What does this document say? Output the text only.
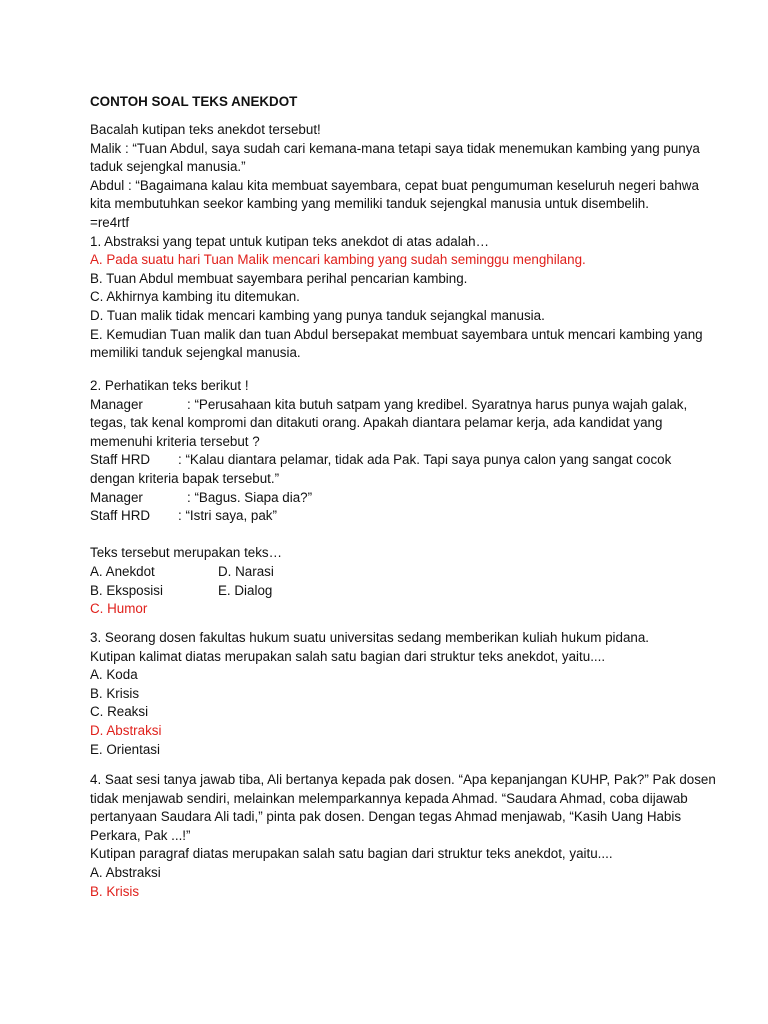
CONTOH SOAL TEKS ANEKDOT
Bacalah kutipan teks anekdot tersebut!
Malik : “Tuan Abdul, saya sudah cari kemana-mana tetapi saya tidak menemukan kambing yang punya
taduk sejengkal manusia.”
Abdul : “Bagaimana kalau kita membuat sayembara, cepat buat pengumuman keseluruh negeri bahwa
kita membutuhkan seekor kambing yang memiliki tanduk sejengkal manusia untuk disembelih.
=re4rtf
1. Abstraksi yang tepat untuk kutipan teks anekdot di atas adalah…
A. Pada suatu hari Tuan Malik mencari kambing yang sudah seminggu menghilang.
B. Tuan Abdul membuat sayembara perihal pencarian kambing.
C. Akhirnya kambing itu ditemukan.
D. Tuan malik tidak mencari kambing yang punya tanduk sejangkal manusia.
E. Kemudian Tuan malik dan tuan Abdul bersepakat membuat sayembara untuk mencari kambing yang
memiliki tanduk sejengkal manusia.
2. Perhatikan teks berikut !
Manager	: “Perusahaan kita butuh satpam yang kredibel. Syaratnya harus punya wajah galak,
tegas, tak kenal kompromi dan ditakuti orang. Apakah diantara pelamar kerja, ada kandidat yang
memenuhi kriteria tersebut ?
Staff HRD : “Kalau diantara pelamar, tidak ada Pak. Tapi saya punya calon yang sangat cocok
dengan kriteria bapak tersebut.”
Manager	: “Bagus. Siapa dia?”
Staff HRD : “Istri saya, pak”
Teks tersebut merupakan teks…
A. Anekdot	D. Narasi
B. Eksposisi	E. Dialog
C. Humor
3. Seorang dosen fakultas hukum suatu universitas sedang memberikan kuliah hukum pidana.
Kutipan kalimat diatas merupakan salah satu bagian dari struktur teks anekdot, yaitu....
A. Koda
B. Krisis
C. Reaksi
D. Abstraksi
E. Orientasi
4. Saat sesi tanya jawab tiba, Ali bertanya kepada pak dosen. “Apa kepanjangan KUHP, Pak?” Pak dosen
tidak menjawab sendiri, melainkan melemparkannya kepada Ahmad. “Saudara Ahmad, coba dijawab
pertanyaan Saudara Ali tadi,” pinta pak dosen. Dengan tegas Ahmad menjawab, “Kasih Uang Habis
Perkara, Pak ...!”
Kutipan paragraf diatas merupakan salah satu bagian dari struktur teks anekdot, yaitu....
A. Abstraksi
B. Krisis
